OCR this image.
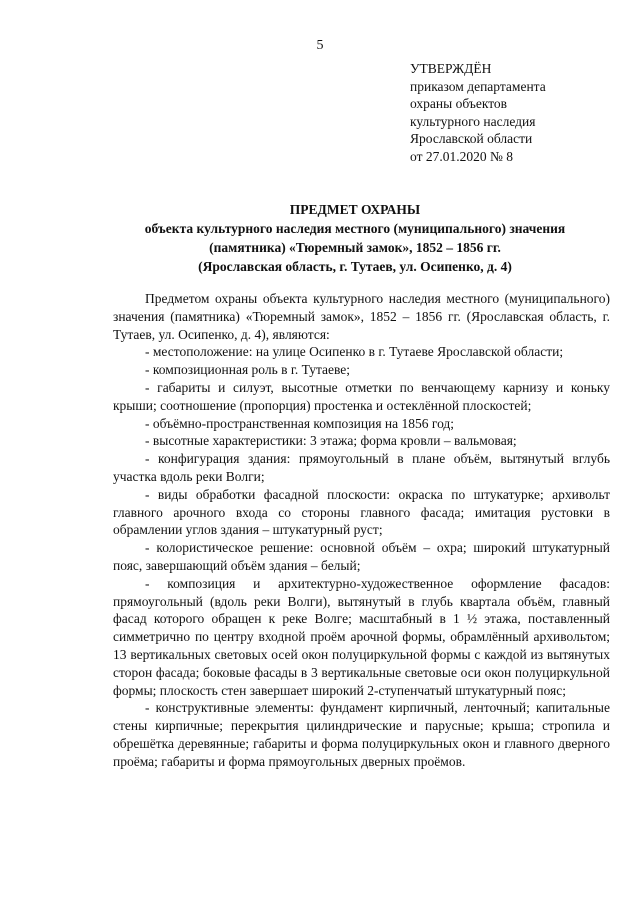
5
УТВЕРЖДЁН
приказом департамента
охраны объектов
культурного наследия
Ярославской области
от 27.01.2020 № 8
ПРЕДМЕТ ОХРАНЫ
объекта культурного наследия местного (муниципального) значения
(памятника) «Тюремный замок», 1852 – 1856 гг.
(Ярославская область, г. Тутаев, ул. Осипенко, д. 4)

Предметом охраны объекта культурного наследия местного (муниципального) значения (памятника) «Тюремный замок», 1852 – 1856 гг. (Ярославская область, г. Тутаев, ул. Осипенко, д. 4), являются:

- местоположение: на улице Осипенко в г. Тутаеве Ярославской области;

- композиционная роль в г. Тутаеве;

- габариты и силуэт, высотные отметки по венчающему карнизу и коньку крыши; соотношение (пропорция) простенка и остеклённой плоскостей;

- объёмно-пространственная композиция на 1856 год;

- высотные характеристики: 3 этажа; форма кровли – вальмовая;

- конфигурация здания: прямоугольный в плане объём, вытянутый вглубь участка вдоль реки Волги;

- виды обработки фасадной плоскости: окраска по штукатурке; архивольт главного арочного входа со стороны главного фасада; имитация рустовки в обрамлении углов здания – штукатурный руст;

- колористическое решение: основной объём – охра; широкий штукатурный пояс, завершающий объём здания – белый;

- композиция и архитектурно-художественное оформление фасадов: прямоугольный (вдоль реки Волги), вытянутый в глубь квартала объём, главный фасад которого обращен к реке Волге; масштабный в 1 ½ этажа, поставленный симметрично по центру входной проём арочной формы, обрамлённый архивольтом; 13 вертикальных световых осей окон полуциркульной формы с каждой из вытянутых сторон фасада; боковые фасады в 3 вертикальные световые оси окон полуциркульной формы; плоскость стен завершает широкий 2-ступенчатый штукатурный пояс;

- конструктивные элементы: фундамент кирпичный, ленточный; капитальные стены кирпичные; перекрытия цилиндрические и парусные; крыша; стропила и обрешётка деревянные; габариты и форма полуциркульных окон и главного дверного проёма; габариты и форма прямоугольных дверных проёмов.
